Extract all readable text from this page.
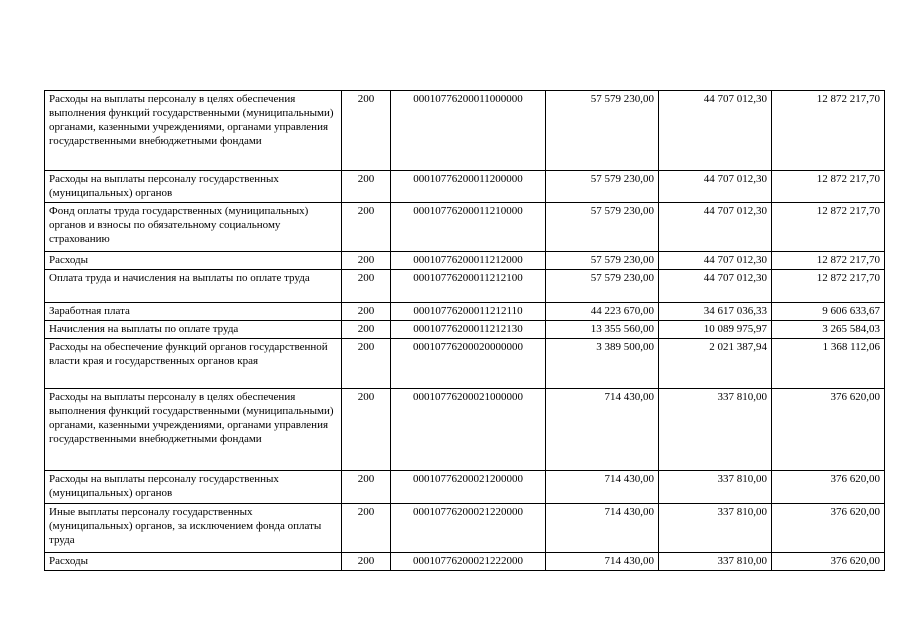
Расходы на выплаты персоналу в целях обеспечения выполнения функций государственными (муниципальными) органами, казенными учреждениями, органами управления государственными внебюджетными фондами	200	00010776200011000000	57 579 230,00	44 707 012,30	12 872 217,70
Расходы на выплаты персоналу государственных (муниципальных) органов	200	00010776200011200000	57 579 230,00	44 707 012,30	12 872 217,70
Фонд оплаты труда государственных (муниципальных) органов и взносы по обязательному социальному страхованию	200	00010776200011210000	57 579 230,00	44 707 012,30	12 872 217,70
Расходы	200	00010776200011212000	57 579 230,00	44 707 012,30	12 872 217,70
Оплата труда и начисления на выплаты по оплате труда	200	00010776200011212100	57 579 230,00	44 707 012,30	12 872 217,70
Заработная плата	200	00010776200011212110	44 223 670,00	34 617 036,33	9 606 633,67
Начисления на выплаты по оплате труда	200	00010776200011212130	13 355 560,00	10 089 975,97	3 265 584,03
Расходы на обеспечение функций органов государственной власти края и государственных органов края	200	00010776200020000000	3 389 500,00	2 021 387,94	1 368 112,06
Расходы на выплаты персоналу в целях обеспечения выполнения функций государственными (муниципальными) органами, казенными учреждениями, органами управления государственными внебюджетными фондами	200	00010776200021000000	714 430,00	337 810,00	376 620,00
Расходы на выплаты персоналу государственных (муниципальных) органов	200	00010776200021200000	714 430,00	337 810,00	376 620,00
Иные выплаты персоналу государственных (муниципальных) органов, за исключением фонда оплаты труда	200	00010776200021220000	714 430,00	337 810,00	376 620,00
Расходы	200	00010776200021222000	714 430,00	337 810,00	376 620,00
